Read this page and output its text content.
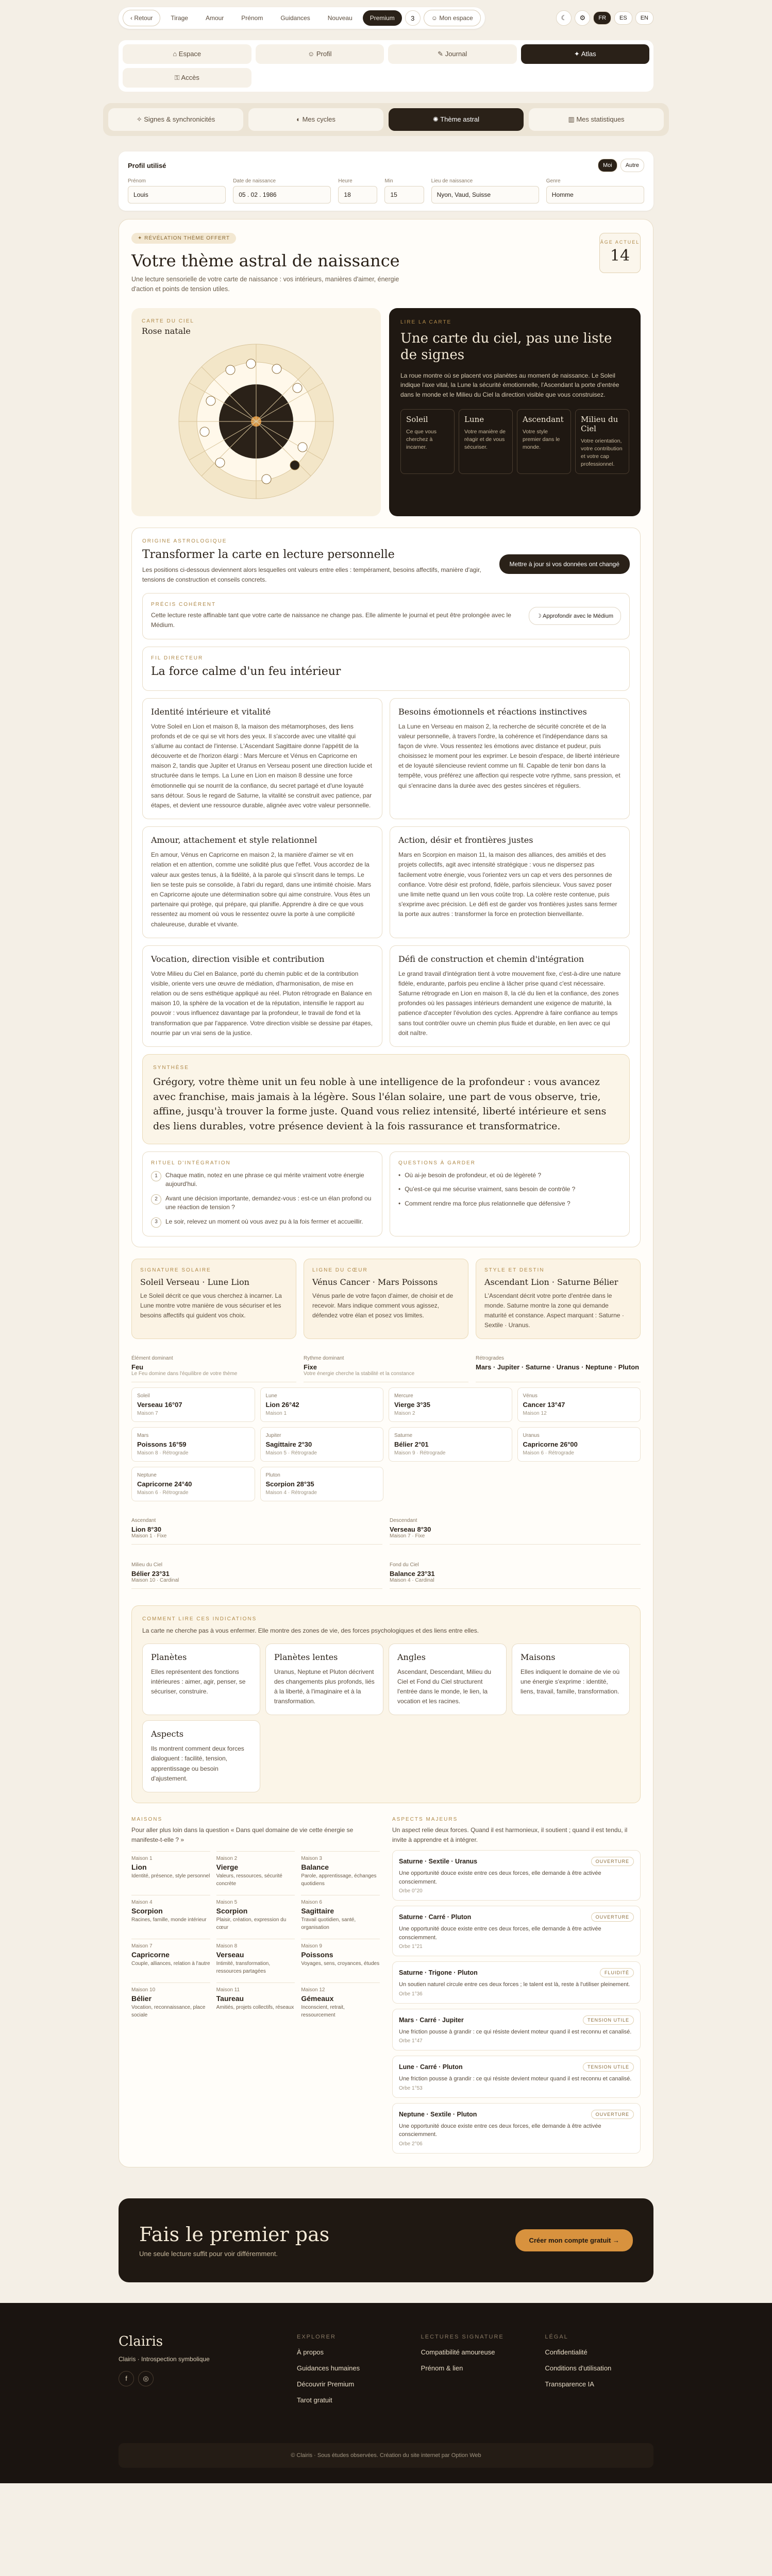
‹ Retour	Tirage	Amour	Prénom	Guidances	Nouveau	Premium	3	☺ Mon espace	☾	⚙	FR	ES	EN
⌂ Espace	☺ Profil	✎ Journal	✦ Atlas
⚿ Accès
✧ Signes & synchronicités	◐ Mes cycles	✺ Thème astral	▥ Mes statistiques
Profil utilisé	Moi	Autre
Prénom
Louis
Date de naissance
05 . 02 . 1986
Heure
18
Min
15
Lieu de naissance
Nyon, Vaud, Suisse
Genre
Homme
✦ RÉVÉLATION THÈME OFFERT
Votre thème astral de naissance

Une lecture sensorielle de votre carte de naissance : vos intérieurs, manières d'aimer, énergie d'action et points de tension utiles.

ÂGE ACTUEL
14
CARTE DU CIEL
Rose natale
LIRE LA CARTE
Une carte du ciel, pas une liste de signes

La roue montre où se placent vos planètes au moment de naissance. Le Soleil indique l'axe vital, la Lune la sécurité émotionnelle, l'Ascendant la porte d'entrée dans le monde et le Milieu du Ciel la direction visible que vous construisez.

Soleil
Ce que vous cherchez à incarner.
Lune
Votre manière de réagir et de vous sécuriser.
Ascendant
Votre style premier dans le monde.
Milieu du Ciel
Votre orientation, votre contribution et votre cap professionnel.
ORIGINE ASTROLOGIQUE
Transformer la carte en lecture personnelle
Les positions ci-dessous deviennent alors lesquelles ont valeurs entre elles : tempérament, besoins affectifs, manière d'agir, tensions de construction et conseils concrets.
Mettre à jour si vos données ont changé
PRÉCIS COHÉRENT
Cette lecture reste affinable tant que votre carte de naissance ne change pas. Elle alimente le journal et peut être prolongée avec le Médium.
☽ Approfondir avec le Médium
FIL DIRECTEUR
La force calme d'un feu intérieur
Identité intérieure et vitalité
Votre Soleil en Lion et maison 8, la maison des métamorphoses, des liens profonds et de ce qui se vit hors des yeux. Il s'accorde avec une vitalité qui s'allume au contact de l'intense. L'Ascendant Sagittaire donne l'appétit de la découverte et de l'horizon élargi : Mars Mercure et Vénus en Capricorne en maison 2, tandis que Jupiter et Uranus en Verseau posent une direction lucide et structurée dans le temps. La Lune en Lion en maison 8 dessine une force émotionnelle qui se nourrit de la confiance, du secret partagé et d'une loyauté sans détour. Sous le regard de Saturne, la vitalité se construit avec patience, par étapes, et devient une ressource durable, alignée avec votre valeur personnelle.
Besoins émotionnels et réactions instinctives
La Lune en Verseau en maison 2, la recherche de sécurité concrète et de la valeur personnelle, à travers l'ordre, la cohérence et l'indépendance dans sa façon de vivre. Vous ressentez les émotions avec distance et pudeur, puis choisissez le moment pour les exprimer. Le besoin d'espace, de liberté intérieure et de loyauté silencieuse revient comme un fil. Capable de tenir bon dans la tempête, vous préférez une affection qui respecte votre rythme, sans pression, et qui s'enracine dans la durée avec des gestes sincères et réguliers.
Amour, attachement et style relationnel
En amour, Vénus en Capricorne en maison 2, la manière d'aimer se vit en relation et en attention, comme une solidité plus que l'effet. Vous accordez de la valeur aux gestes tenus, à la fidélité, à la parole qui s'inscrit dans le temps. Le lien se teste puis se consolide, à l'abri du regard, dans une intimité choisie. Mars en Capricorne ajoute une détermination sobre qui aime construire. Vous êtes un partenaire qui protège, qui prépare, qui planifie. Apprendre à dire ce que vous ressentez au moment où vous le ressentez ouvre la porte à une complicité chaleureuse, durable et vivante.
Action, désir et frontières justes
Mars en Scorpion en maison 11, la maison des alliances, des amitiés et des projets collectifs, agit avec intensité stratégique : vous ne dispersez pas facilement votre énergie, vous l'orientez vers un cap et vers des personnes de confiance. Votre désir est profond, fidèle, parfois silencieux. Vous savez poser une limite nette quand un lien vous coûte trop. La colère reste contenue, puis s'exprime avec précision. Le défi est de garder vos frontières justes sans fermer la porte aux autres : transformer la force en protection bienveillante.
Vocation, direction visible et contribution
Votre Milieu du Ciel en Balance, porté du chemin public et de la contribution visible, oriente vers une œuvre de médiation, d'harmonisation, de mise en relation ou de sens esthétique appliqué au réel. Pluton rétrograde en Balance en maison 10, la sphère de la vocation et de la réputation, intensifie le rapport au pouvoir : vous influencez davantage par la profondeur, le travail de fond et la transformation que par l'apparence. Votre direction visible se dessine par étapes, nourrie par un vrai sens de la justice.
Défi de construction et chemin d'intégration
Le grand travail d'intégration tient à votre mouvement fixe, c'est-à-dire une nature fidèle, endurante, parfois peu encline à lâcher prise quand c'est nécessaire. Saturne rétrograde en Lion en maison 8, la clé du lien et la confiance, des zones profondes où les passages intérieurs demandent une exigence de maturité, la patience d'accepter l'évolution des cycles. Apprendre à faire confiance au temps sans tout contrôler ouvre un chemin plus fluide et durable, en lien avec ce qui doit naître.
SYNTHÈSE
Grégory, votre thème unit un feu noble à une intelligence de la profondeur : vous avancez avec franchise, mais jamais à la légère. Sous l'élan solaire, une part de vous observe, trie, affine, jusqu'à trouver la forme juste. Quand vous reliez intensité, liberté intérieure et sens des liens durables, votre présence devient à la fois rassurance et transformatrice.
RITUEL D'INTÉGRATION
1	Chaque matin, notez en une phrase ce qui mérite vraiment votre énergie aujourd'hui.
2	Avant une décision importante, demandez-vous : est-ce un élan profond ou une réaction de tension ?
3	Le soir, relevez un moment où vous avez pu à la fois fermer et accueillir.
QUESTIONS À GARDER
• Où ai-je besoin de profondeur, et où de légèreté ?
• Qu'est-ce qui me sécurise vraiment, sans besoin de contrôle ?
• Comment rendre ma force plus relationnelle que défensive ?
SIGNATURE SOLAIRE
Soleil Verseau · Lune Lion
Le Soleil décrit ce que vous cherchez à incarner. La Lune montre votre manière de vous sécuriser et les besoins affectifs qui guident vos choix.
LIGNE DU CŒUR
Vénus Cancer · Mars Poissons
Vénus parle de votre façon d'aimer, de choisir et de recevoir. Mars indique comment vous agissez, défendez votre élan et posez vos limites.
STYLE ET DESTIN
Ascendant Lion · Saturne Bélier
L'Ascendant décrit votre porte d'entrée dans le monde. Saturne montre la zone qui demande maturité et constance. Aspect marquant : Saturne · Sextile · Uranus.
Élément dominant
Feu
Le Feu domine dans l'équilibre de votre thème
Rythme dominant
Fixe
Votre énergie cherche la stabilité et la constance
Rétrogrades
Mars · Jupiter · Saturne · Uranus · Neptune · Pluton
Soleil
Verseau 16°07
Maison 7
Lune
Lion 26°42
Maison 1
Mercure
Vierge 3°35
Maison 2
Vénus
Cancer 13°47
Maison 12
Mars
Poissons 16°59
Maison 8 · Rétrograde
Jupiter
Sagittaire 2°30
Maison 5 · Rétrograde
Saturne
Bélier 2°01
Maison 9 · Rétrograde
Uranus
Capricorne 26°00
Maison 6 · Rétrograde
Neptune
Capricorne 24°40
Maison 6 · Rétrograde
Pluton
Scorpion 28°35
Maison 4 · Rétrograde
Ascendant
Lion 8°30
Maison 1 · Fixe
Descendant
Verseau 8°30
Maison 7 · Fixe
Milieu du Ciel
Bélier 23°31
Maison 10 · Cardinal
Fond du Ciel
Balance 23°31
Maison 4 · Cardinal
COMMENT LIRE CES INDICATIONS
La carte ne cherche pas à vous enfermer. Elle montre des zones de vie, des forces psychologiques et des liens entre elles.
Planètes
Elles représentent des fonctions intérieures : aimer, agir, penser, se sécuriser, construire.
Planètes lentes
Uranus, Neptune et Pluton décrivent des changements plus profonds, liés à la liberté, à l'imaginaire et à la transformation.
Angles
Ascendant, Descendant, Milieu du Ciel et Fond du Ciel structurent l'entrée dans le monde, le lien, la vocation et les racines.
Maisons
Elles indiquent le domaine de vie où une énergie s'exprime : identité, liens, travail, famille, transformation.
Aspects
Ils montrent comment deux forces dialoguent : facilité, tension, apprentissage ou besoin d'ajustement.
MAISONS
Pour aller plus loin dans la question « Dans quel domaine de vie cette énergie se manifeste-t-elle ? »
Maison 1
Lion
Identité, présence, style personnel
Maison 2
Vierge
Valeurs, ressources, sécurité concrète
Maison 3
Balance
Parole, apprentissage, échanges quotidiens
Maison 4
Scorpion
Racines, famille, monde intérieur
Maison 5
Scorpion
Plaisir, création, expression du cœur
Maison 6
Sagittaire
Travail quotidien, santé, organisation
Maison 7
Capricorne
Couple, alliances, relation à l'autre
Maison 8
Verseau
Intimité, transformation, ressources partagées
Maison 9
Poissons
Voyages, sens, croyances, études
Maison 10
Bélier
Vocation, reconnaissance, place sociale
Maison 11
Taureau
Amitiés, projets collectifs, réseaux
Maison 12
Gémeaux
Inconscient, retrait, ressourcement
ASPECTS MAJEURS
Un aspect relie deux forces. Quand il est harmonieux, il soutient ; quand il est tendu, il invite à apprendre et à intégrer.
Saturne · Sextile · Uranus	OUVERTURE
Une opportunité douce existe entre ces deux forces, elle demande à être activée consciemment.
Orbe 0°20
Saturne · Carré · Pluton	OUVERTURE
Une opportunité douce existe entre ces deux forces, elle demande à être activée consciemment.
Orbe 1°21
Saturne · Trigone · Pluton	FLUIDITÉ
Un soutien naturel circule entre ces deux forces ; le talent est là, reste à l'utiliser pleinement.
Orbe 1°36
Mars · Carré · Jupiter	TENSION UTILE
Une friction pousse à grandir : ce qui résiste devient moteur quand il est reconnu et canalisé.
Orbe 1°47
Lune · Carré · Pluton	TENSION UTILE
Une friction pousse à grandir : ce qui résiste devient moteur quand il est reconnu et canalisé.
Orbe 1°53
Neptune · Sextile · Pluton	OUVERTURE
Une opportunité douce existe entre ces deux forces, elle demande à être activée consciemment.
Orbe 2°06
Fais le premier pas
Une seule lecture suffit pour voir différemment.
Créer mon compte gratuit →
Clairis
Clairis · Introspection symbolique
f	◎
EXPLORER
À propos
Guidances humaines
Découvrir Premium
Tarot gratuit
LECTURES SIGNATURE
Compatibilité amoureuse
Prénom & lien
LÉGAL
Confidentialité
Conditions d'utilisation
Transparence IA
© Clairis · Sous études observées. Création du site internet par Option Web
